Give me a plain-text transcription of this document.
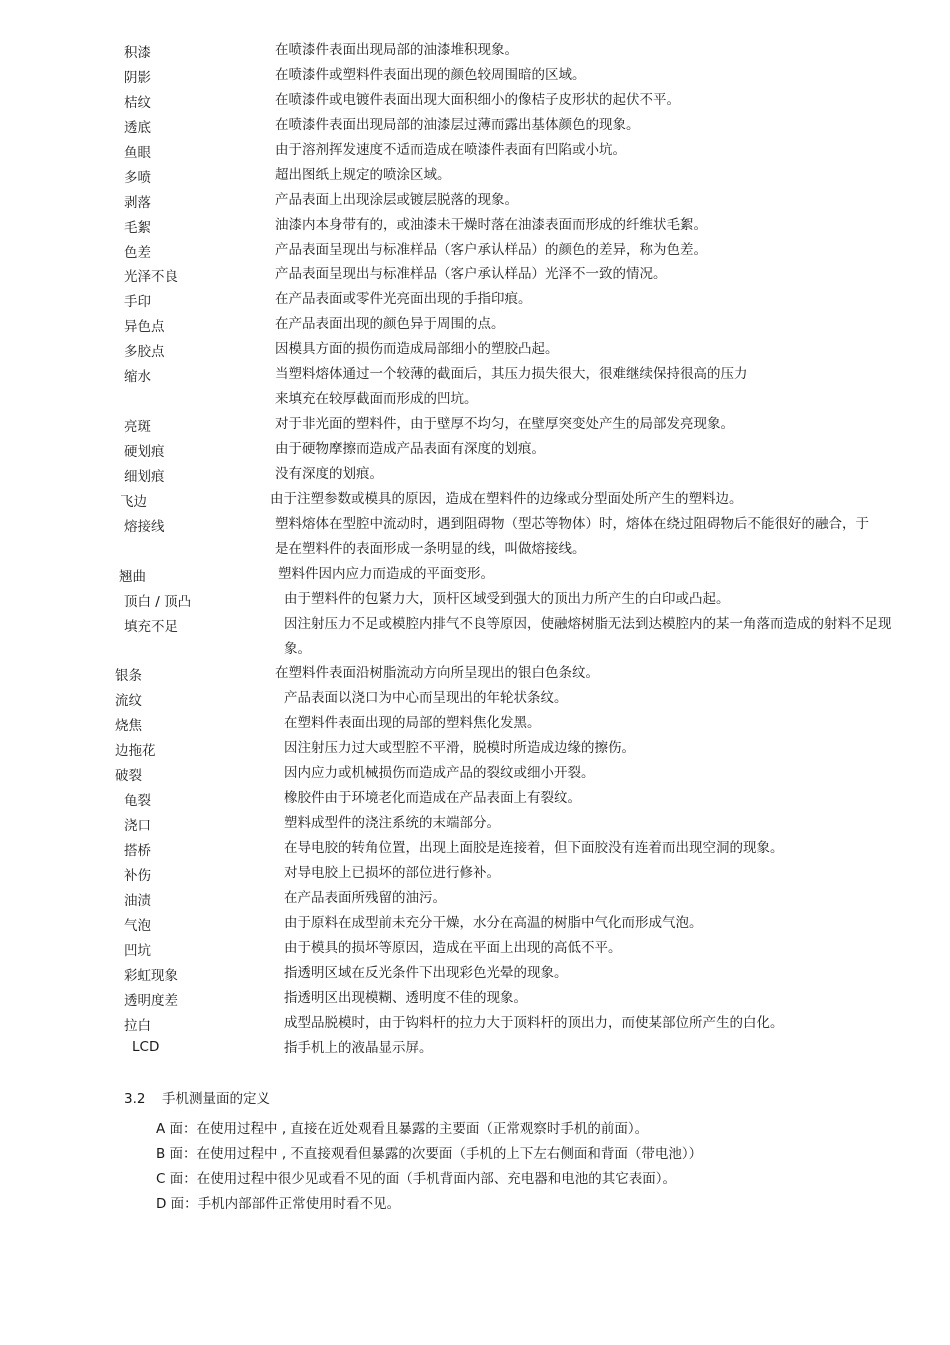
积漆	在喷漆件表面出现局部的油漆堆积现象。
阴影	在喷漆件或塑料件表面出现的颜色较周围暗的区域。
桔纹	在喷漆件或电镀件表面出现大面积细小的像桔子皮形状的起伏不平。
透底	在喷漆件表面出现局部的油漆层过薄而露出基体颜色的现象。
鱼眼	由于溶剂挥发速度不适而造成在喷漆件表面有凹陷或小坑。
多喷	超出图纸上规定的喷涂区域。
剥落	产品表面上出现涂层或镀层脱落的现象。
毛絮	油漆内本身带有的，或油漆未干燥时落在油漆表面而形成的纤维状毛絮。
色差	产品表面呈现出与标准样品（客户承认样品）的颜色的差异，称为色差。
光泽不良	产品表面呈现出与标准样品（客户承认样品）光泽不一致的情况。
手印	在产品表面或零件光亮面出现的手指印痕。
异色点	在产品表面出现的颜色异于周围的点。
多胶点	因模具方面的损伤而造成局部细小的塑胶凸起。
缩水	当塑料熔体通过一个较薄的截面后，其压力损失很大，很难继续保持很高的压力来填充在较厚截面而形成的凹坑。
亮斑	对于非光面的塑料件，由于壁厚不均匀，在壁厚突变处产生的局部发亮现象。
硬划痕	由于硬物摩擦而造成产品表面有深度的划痕。
细划痕	没有深度的划痕。
飞边	由于注塑参数或模具的原因，造成在塑料件的边缘或分型面处所产生的塑料边。
熔接线	塑料熔体在型腔中流动时，遇到阻碍物（型芯等物体）时，熔体在绕过阻碍物后不能很好的融合，于是在塑料件的表面形成一条明显的线，叫做熔接线。
翘曲	塑料件因内应力而造成的平面变形。
顶白 / 顶凸	由于塑料件的包紧力大，顶杆区域受到强大的顶出力所产生的白印或凸起。
填充不足	因注射压力不足或模腔内排气不良等原因，使融熔树脂无法到达模腔内的某一角落而造成的射料不足现象。
银条	在塑料件表面沿树脂流动方向所呈现出的银白色条纹。
流纹	产品表面以浇口为中心而呈现出的年轮状条纹。
烧焦	在塑料件表面出现的局部的塑料焦化发黑。
边拖花	因注射压力过大或型腔不平滑，脱模时所造成边缘的擦伤。
破裂	因内应力或机械损伤而造成产品的裂纹或细小开裂。
龟裂	橡胶件由于环境老化而造成在产品表面上有裂纹。
浇口	塑料成型件的浇注系统的末端部分。
搭桥	在导电胶的转角位置，出现上面胶是连接着，但下面胶没有连着而出现空洞的现象。
补伤	对导电胶上已损坏的部位进行修补。
油渍	在产品表面所残留的油污。
气泡	由于原料在成型前未充分干燥，水分在高温的树脂中气化而形成气泡。
凹坑	由于模具的损坏等原因，造成在平面上出现的高低不平。
彩虹现象	指透明区域在反光条件下出现彩色光晕的现象。
透明度差	指透明区出现模糊、透明度不佳的现象。
拉白	成型品脱模时，由于钩料杆的拉力大于顶料杆的顶出力，而使某部位所产生的白化。
LCD	指手机上的液晶显示屏。
3.2 手机测量面的定义
A 面：在使用过程中 , 直接在近处观看且暴露的主要面（正常观察时手机的前面）。
B 面：在使用过程中 , 不直接观看但暴露的次要面（手机的上下左右侧面和背面（带电池））
C 面：在使用过程中很少见或看不见的面（手机背面内部、充电器和电池的其它表面）。
D 面：手机内部部件正常使用时看不见。
